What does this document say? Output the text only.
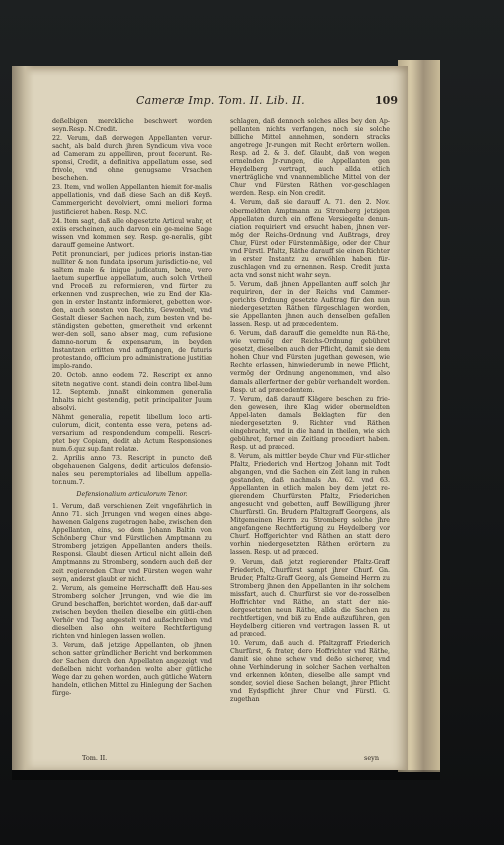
Cameræ Imp. Tom. II. Lib. II.	109

deßelbigen merckliche beschwert worden seyn.Resp. N.Credit.

22. Verum, daß derwegen Appellanten verur-sacht, als bald durch jhren Syndicum viva voce ad Cameram zu appelliren, prout fecerunt. Re-sponsi, Credit, a definitiva appellatum esse, sed frivole, vnd ohne genugsame Vrsachen beschehen.

23. Item, vnd wollen Appellanten hiemit for-malis appellationis, vnd daß diese Sach an diß Keyß. Cammergericht devolviert, omni meliori forma justificieret haben. Resp. N.C.

24. Item sagt, daß alle obgesetzte Articul wahr, et exiis erscheinen, auch darvon ein ge-meine Sage wissen vnd kommen sey. Resp. ge-neralis, gibt darauff gemeine Antwort.

Petit pronunciari, per judices prioris instan-tiæ nulliter & non fundata ipsorum jurisdictio-ne, vel saltem male & inique judicatum, bene, vero laetum superflue appellatum, auch solch Vrtheil vnd Proceß zu reformieren, vnd fürter zu erkennen vnd zusprechen, wie zu End der Kla-gen in erster Instantz informieret, gebetten wor-den, auch sonsten von Rechts, Gewonheit, vnd Gestalt dieser Sachen nach, zum besten vnd be-ständigsten gebetten, gmeretheit vnd erkennt wer-den soll, sano abser mag, cum refusione damno-norum & expensarum, in beyden Instantzen erlitten vnd auffgangen, de futuris protestando, officium pro administratione justitiæ implo-rando.

20. Octob. anno eodem 72. Rescript ex anno sitetn negative cont. standi dein contra libel-lum 12. Septemb. jnnaßt einkommen generalia Inhalts nicht gestendig, petit principaliter Juum absolvi.

Nähmt generalia, repetit libellum loco arti-culorum, dicit, contenta esse vera, petens ad-versarium ad respondendum compelli. Rescri-ptet bey Copiam, dedit ab Actum Responsiones num.6.quz sup.fant relatæ.

2. Aprilis anno 73. Rescript in puncto deß obgehauenen Galgens, dedit articulos defensio-nales seu peremptoriales ad libellum appella-tor.num.7.

Defensionalium articulorum Tenor.

1. Verum, daß verschienen Zeit vngefährlich in Anno 71. sich Jrrungen vnd wegen eines abge-hawenen Galgens zugetragen habe, zwischen den Appellanten, eins, so dem Johann Baltin von Schönberg Chur vnd Fürstlichen Amptmann zu Stromberg jetzigen Appellanten anders theils. Responsi. Glaubt diesen Articul nicht allein deß Amptmanns zu Stromberg, sondern auch deß der zeit regierenden Chur vnd Fürsten wegen wahr seyn, anderst glaubt er nicht.

2. Verum, als gemeine Herrschafft deß Hau-ses Stromberg solcher Jrrungen, vnd wie die im Grund beschaffen, berichtet worden, daß dar-auff zwischen beyden theilen dieselbe ein gütli-chen Verhör vnd Tag angestelt vnd außschreiben vnd dieselben also ohn weitere Rechtfertigung richten vnd hinlegen lassen wollen.

3. Verum, daß jetzige Appellanten, ob jhnen schon satter gründlicher Bericht vnd berkommen der Sachen durch den Appellaten angezeigt vnd deßelben nicht vorhanden wolte aber gütliche Wege dar zu gehen worden, auch gütliche Watern handeln, etlichen Mittel zu Hinlegung der Sachen fürge-

schlagen, daß dennoch solches alles bey den Ap-pellanten nichts verfangen, noch sie solche billiche Mittel annehmen, sondern stracks angetrege Jr-rungen mit Recht erörtern wollen. Resp. ad 2. & 3. def. Glaubt, daß von wegen ermelnden Jr-rungen, die Appellanten gen Heydelberg vertragt, auch allda etlich vnerträgliche vnd vnannembliche Mittel von der Chur vnd Fürsten Räthen vor-geschlagen werden. Resp. ein Non credit.

4. Verum, daß sie darauff A. 71. den 2. Nov. obermeldten Amptmann zu Stromberg jetzigen Appellaten durch ein offene Versiegelte denun-ciation requiriert vnd ersucht haben, jhnen ver-mög der Reichs-Ordnung vnd Außtrags, drey Chur, Fürst oder Fürstenmäßige, oder der Chur vnd Fürstl. Pfaltz, Räthe darauff sie einen Richter in erster Instantz zu erwöhlen haben für-zuschlagen vnd zu ernennen. Resp. Credit juxta acta vnd sonst nicht wahr seyn.

5. Verum, daß jhnen Appellanten auff solch jhr requiriren, der in der Reichs vnd Cammer-gerichts Ordnung gesetzte Außtrag für den nun niedergesetzten Räthen fürgeschlagen worden, sie Appellanten jhnen auch denselben gefallen lassen. Resp. ut ad præcedentem.

6. Verum, daß darauff die gemeldte nun Rä-the, wie vermög der Reichs-Ordnung gebühret gesetzt, dieselben auch der Pflicht, damit sie dem hohen Chur vnd Fürsten jugethan gewesen, wie Rechte erlassen, hinwiederumb in newe Pflicht, vermög der Ordnung angenommen, vnd also damals allerfertner der gebür verhandelt worden. Resp. ut ad præcedentem.

7. Verum, daß darauff Klägere beschen zu frie-den gewesen, ihre Klag wider obermeldten Appel-laten damals Beklagten für den niedergesetzten 9. Richter vnd Räthen eingebracht, vnd in die hand in theilen, wie sich gebühret, ferner ein Zeitlang procediert haben. Resp. ut ad præced.

8. Verum, als mittler beyde Chur vnd Für-stlicher Pfaltz, Friederich vnd Hertzog Johann mit Todt abgangen, vnd die Sachen ein Zeit lang in ruhen gestanden, daß nachmals An. 62. vnd 63. Appellanten in etlich malen bey dem jetzt re-gierendem Churfürsten Pfaltz, Friederichen angesucht vnd gebetten, auff Bewilligung jhrer Churfürstl. Gn. Brudern Pfaltzgraff Georgens, als Mitgemeinen Herrn zu Stromberg solche jhre angefangene Rechtfertigung zu Heydelberg vor Churf. Hoffgerichter vnd Räthen an statt dero vorhin niedergesetzten Räthen erörtern zu lassen. Resp. ut ad præced.

9. Verum, daß jetzt regierender Pfaltz-Graff Friederich, Churfürst sampt jhrer Churf. Gn. Bruder, Pfaltz-Graff Georg, als Gemeind Herrn zu Stromberg jhnen den Appellanten in ihr solchem missfart, auch d. Churfürst sie vor de-rosselben Hoffrichter vnd Räthe, an statt der nie-dergesetzten neun Räthe, allda die Sachen zu rechtfertigen, vnd biß zu Ende außzuführen, gen Heydelberg citieren vnd vertragen lassen R. ut ad præced.

10. Verum, daß auch d. Pfaltzgraff Friederich Churfürst, & frater, dero Hoffrichter vnd Räthe, damit sie ohne schew vnd deßo sicherer, vnd ohne Verhinderung in solcher Sachen verhalten vnd erkennen könten, dieselbe alle sampt vnd sonder, soviel diese Sachen belangt, jhrer Pflicht vnd Eydspflicht jhrer Chur vnd Fürstl. G. zugethan

Tom. II.	seyn
